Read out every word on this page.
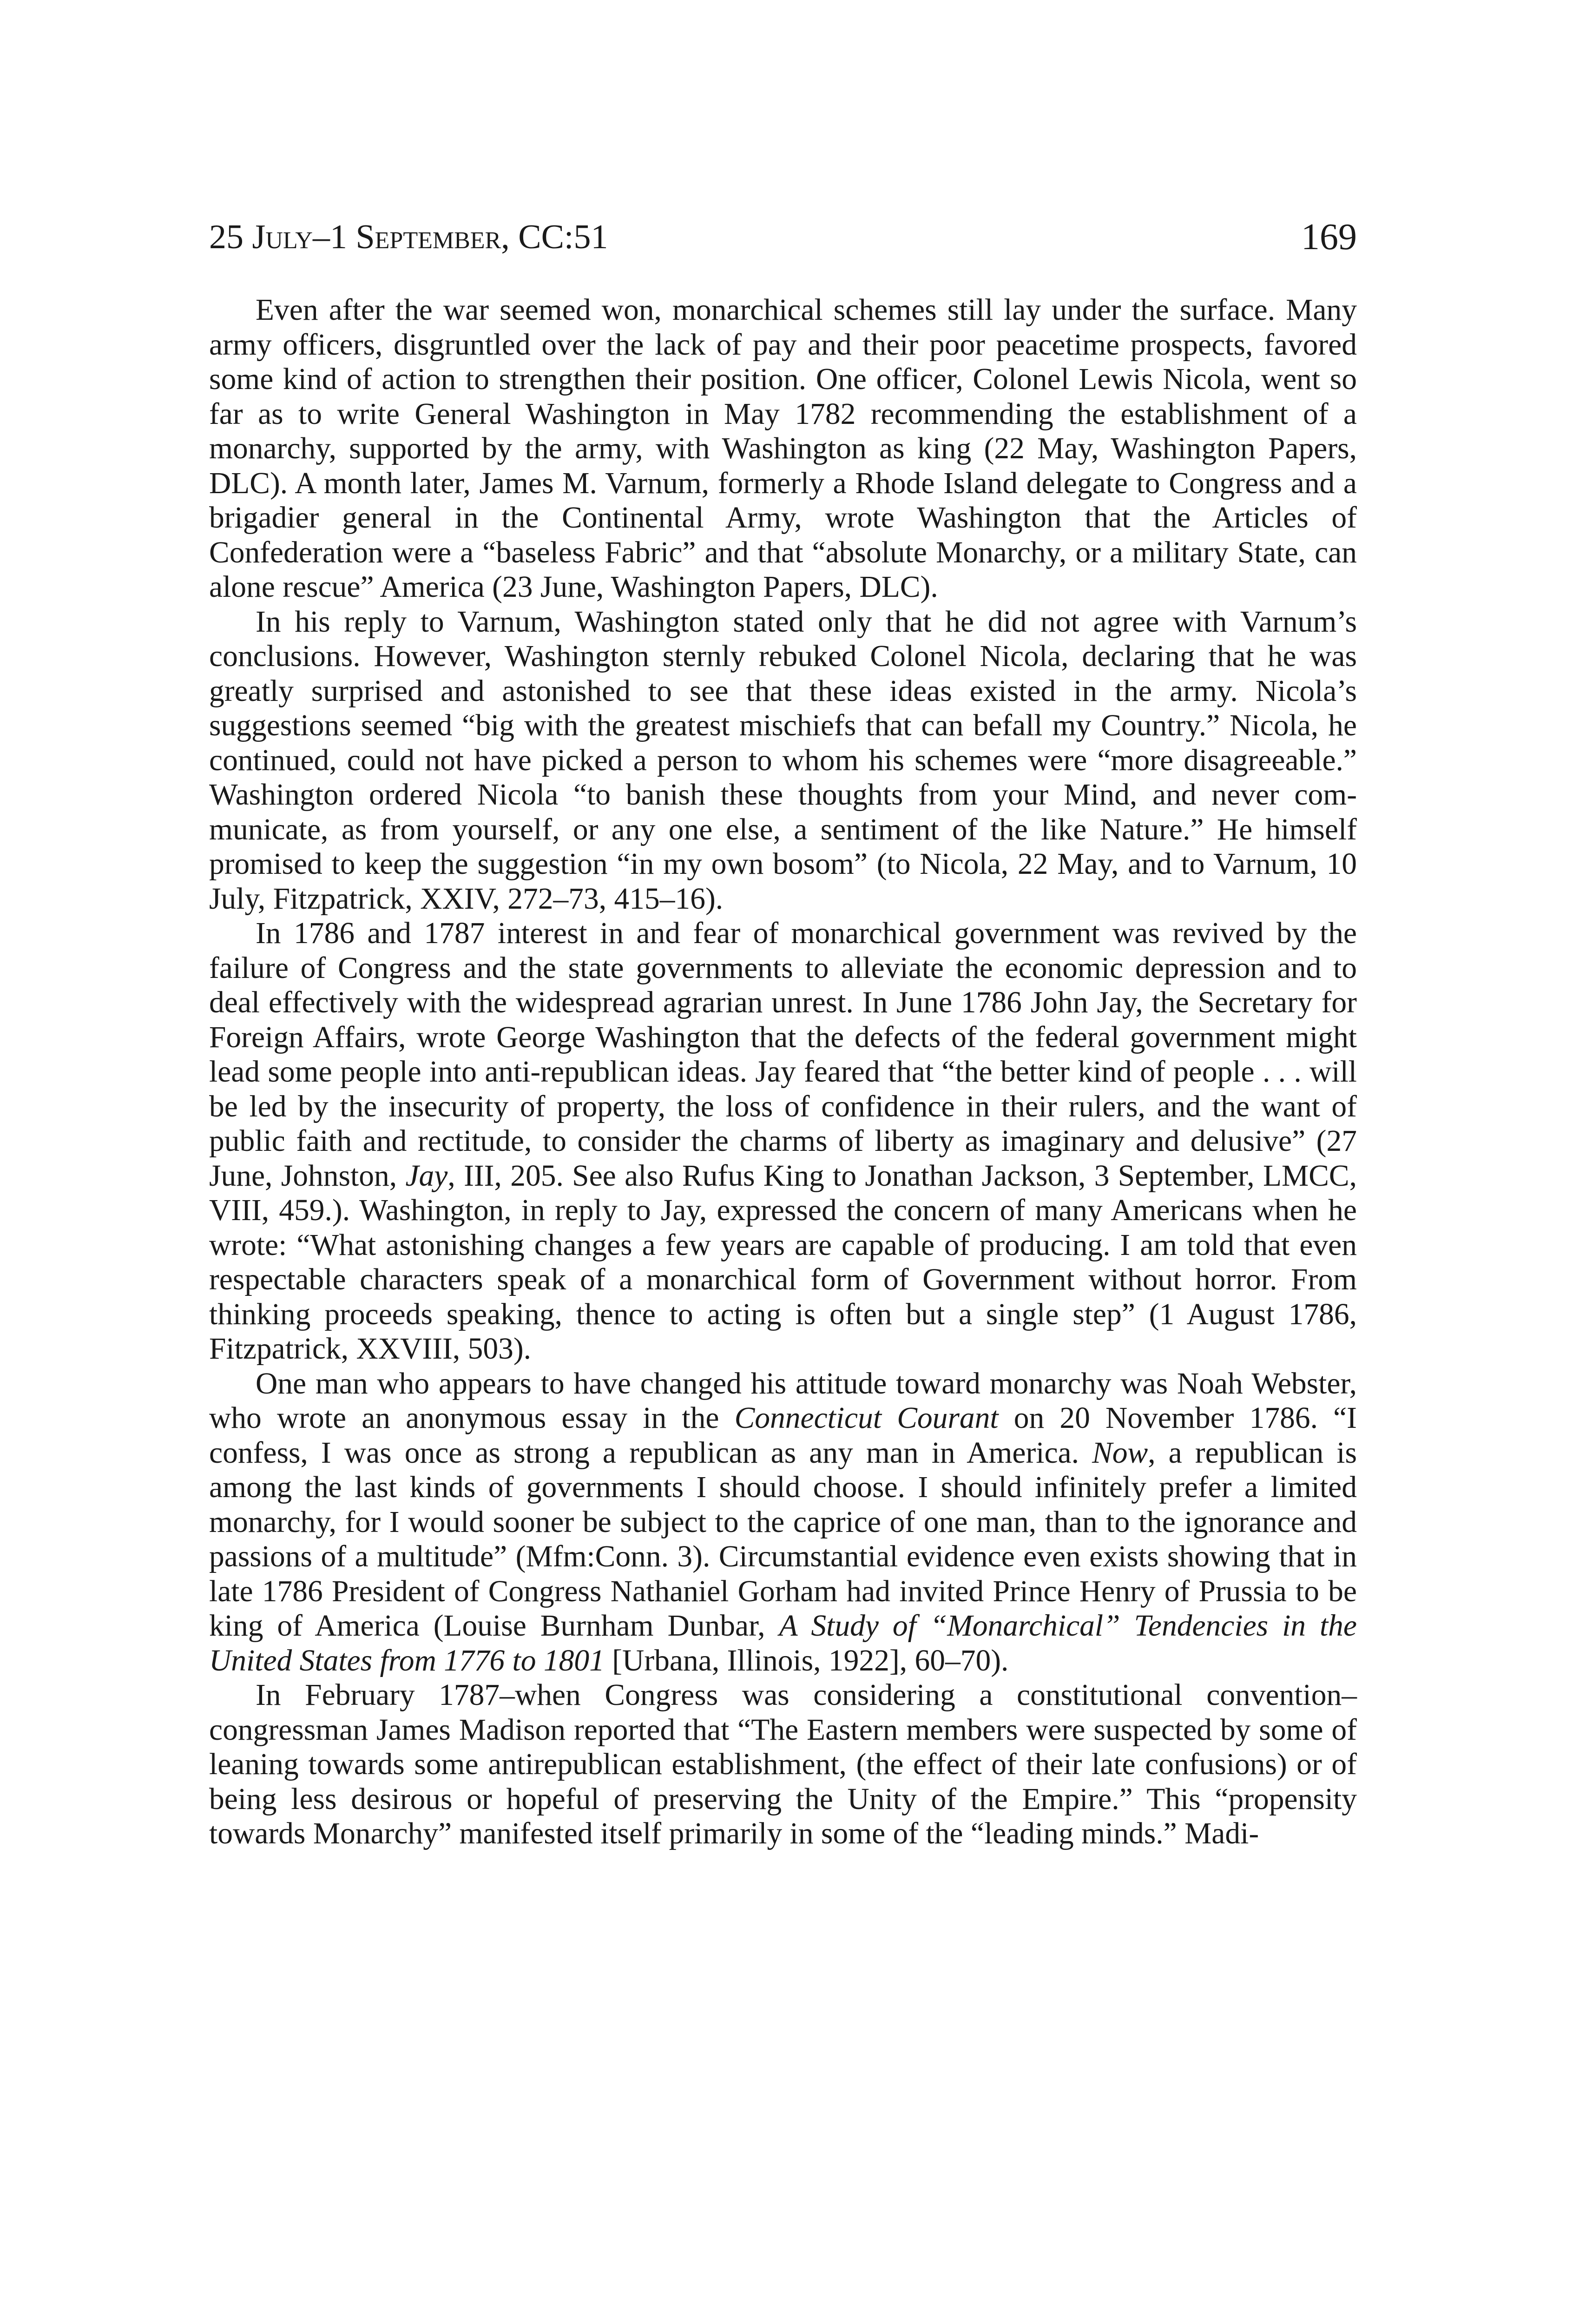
25 July–1 September, CC:51	169

Even after the war seemed won, monarchical schemes still lay under the surface. Many army officers, disgruntled over the lack of pay and their poor peacetime prospects, favored some kind of action to strengthen their position. One officer, Colonel Lewis Nicola, went so far as to write General Washington in May 1782 recommending the establishment of a monarchy, supported by the army, with Washington as king (22 May, Washington Papers, DLC). A month later, James M. Varnum, formerly a Rhode Island delegate to Congress and a brigadier general in the Continental Army, wrote Washington that the Articles of Confederation were a “baseless Fabric” and that “absolute Monarchy, or a military State, can alone rescue” America (23 June, Washington Papers, DLC).

In his reply to Varnum, Washington stated only that he did not agree with Varnum’s conclusions. However, Washington sternly rebuked Colonel Nicola, declaring that he was greatly surprised and astonished to see that these ideas existed in the army. Nicola’s suggestions seemed “big with the greatest mischiefs that can befall my Country.” Nicola, he continued, could not have picked a person to whom his schemes were “more disagreeable.” Washington ordered Nicola “to banish these thoughts from your Mind, and never communicate, as from yourself, or any one else, a sentiment of the like Nature.” He himself promised to keep the suggestion “in my own bosom” (to Nicola, 22 May, and to Varnum, 10 July, Fitzpatrick, XXIV, 272–73, 415–16).

In 1786 and 1787 interest in and fear of monarchical government was revived by the failure of Congress and the state governments to alleviate the economic depression and to deal effectively with the widespread agrarian unrest. In June 1786 John Jay, the Secretary for Foreign Affairs, wrote George Washington that the defects of the federal government might lead some people into anti-republican ideas. Jay feared that “the better kind of people . . . will be led by the insecurity of property, the loss of confidence in their rulers, and the want of public faith and rectitude, to consider the charms of liberty as imaginary and delusive” (27 June, Johnston, Jay, III, 205. See also Rufus King to Jonathan Jackson, 3 September, LMCC, VIII, 459.). Washington, in reply to Jay, expressed the concern of many Americans when he wrote: “What astonishing changes a few years are capable of producing. I am told that even respectable characters speak of a monarchical form of Government without horror. From thinking proceeds speaking, thence to acting is often but a single step” (1 August 1786, Fitzpatrick, XXVIII, 503).

One man who appears to have changed his attitude toward monarchy was Noah Webster, who wrote an anonymous essay in the Connecticut Courant on 20 November 1786. “I confess, I was once as strong a republican as any man in America. Now, a republican is among the last kinds of governments I should choose. I should infinitely prefer a limited monarchy, for I would sooner be subject to the caprice of one man, than to the ignorance and passions of a multitude” (Mfm:Conn. 3). Circumstantial evidence even exists showing that in late 1786 President of Congress Nathaniel Gorham had invited Prince Henry of Prussia to be king of America (Louise Burnham Dunbar, A Study of “Monarchical” Tendencies in the United States from 1776 to 1801 [Urbana, Illinois, 1922], 60–70).

In February 1787–when Congress was considering a constitutional convention–congressman James Madison reported that “The Eastern members were suspected by some of leaning towards some antirepublican establishment, (the effect of their late confusions) or of being less desirous or hopeful of preserving the Unity of the Empire.” This “propensity towards Monarchy” manifested itself primarily in some of the “leading minds.” Madi-
